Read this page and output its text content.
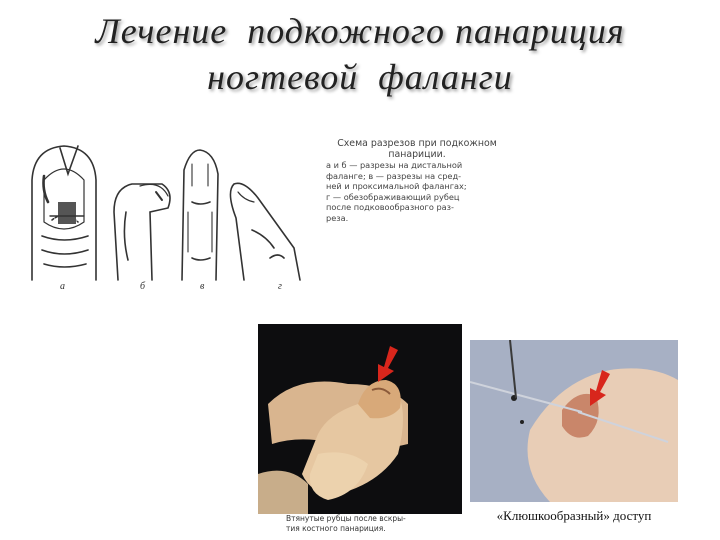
Лечение  подкожного панариция
ногтевой  фаланги
а	б	в	г
Схема разрезов при подкожном панариции.
а и б — разрезы на дистальной
фаланге; в — разрезы на сред-
ней и проксимальной фалангах;
г — обезображивающий рубец
после подковообразного раз-
реза.
Втянутые рубцы после вскры-
тия костного панариция.
«Клюшкообразный» доступ
